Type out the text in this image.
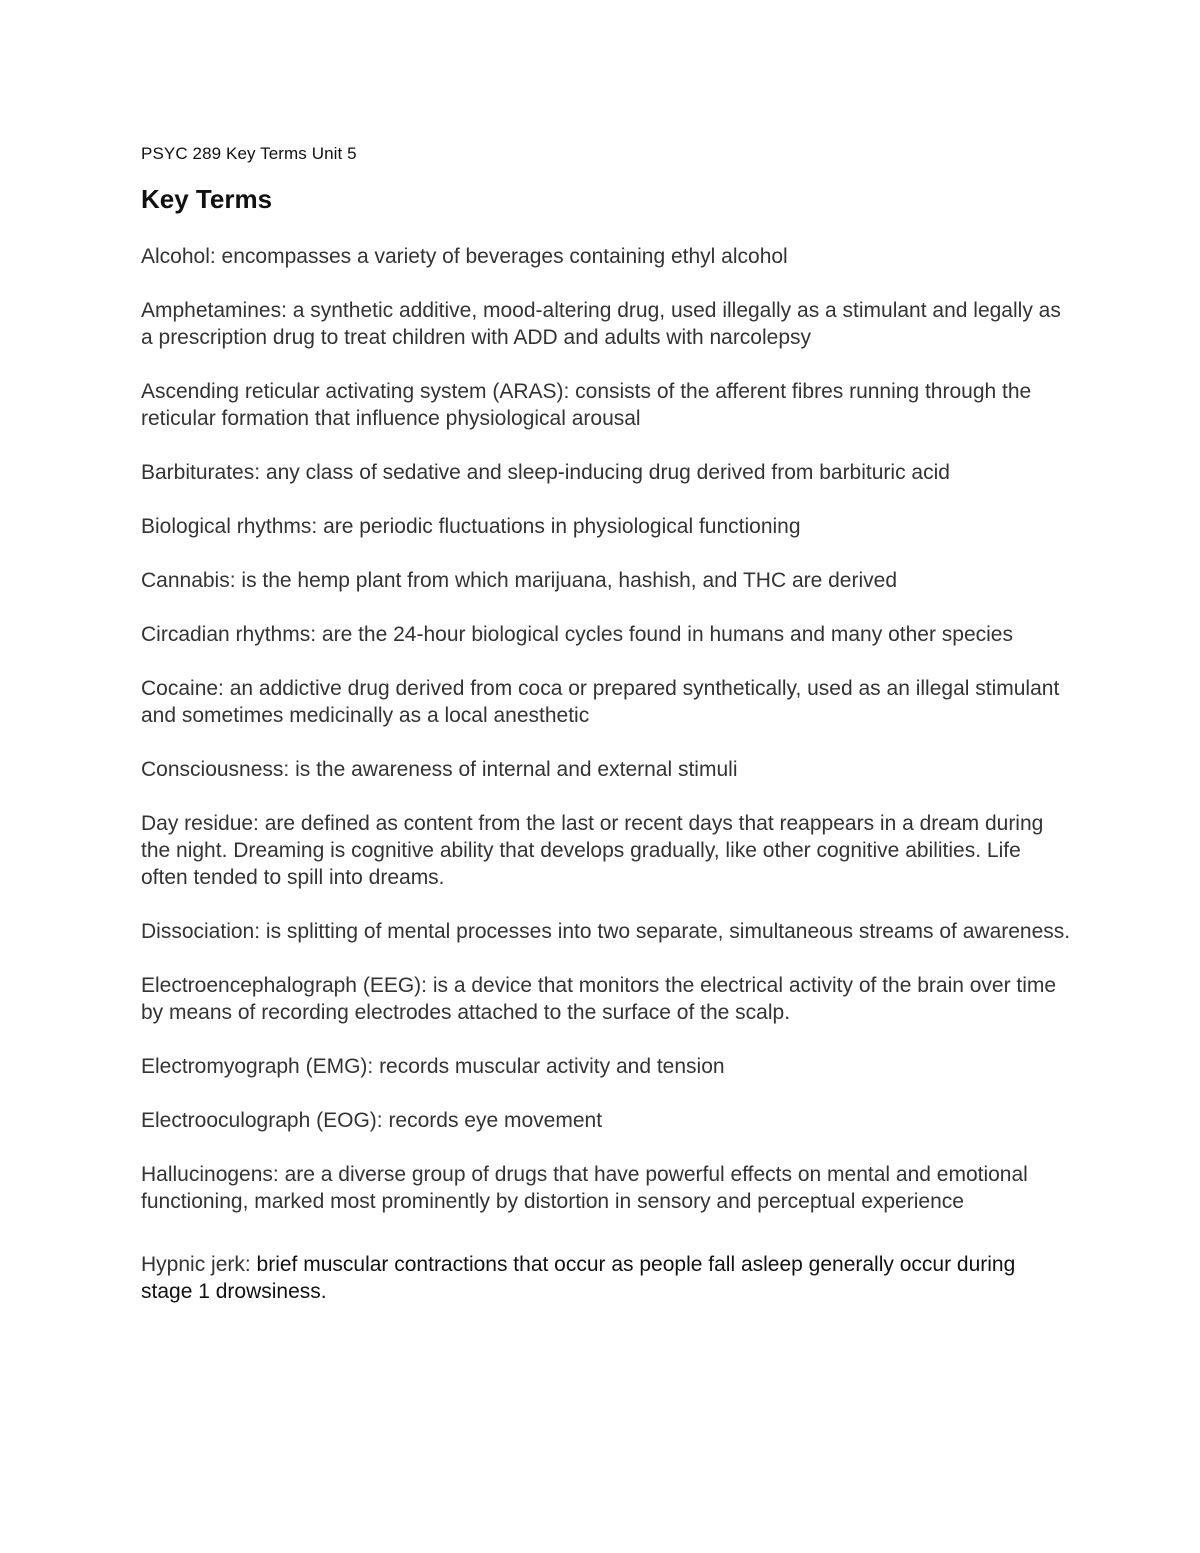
PSYC 289 Key Terms Unit 5
Key Terms
Alcohol: encompasses a variety of beverages containing ethyl alcohol
Amphetamines: a synthetic additive, mood-altering drug, used illegally as a stimulant and legally as a prescription drug to treat children with ADD and adults with narcolepsy
Ascending reticular activating system (ARAS): consists of the afferent fibres running through the reticular formation that influence physiological arousal
Barbiturates: any class of sedative and sleep-inducing drug derived from barbituric acid
Biological rhythms: are periodic fluctuations in physiological functioning
Cannabis: is the hemp plant from which marijuana, hashish, and THC are derived
Circadian rhythms: are the 24-hour biological cycles found in humans and many other species
Cocaine: an addictive drug derived from coca or prepared synthetically, used as an illegal stimulant and sometimes medicinally as a local anesthetic
Consciousness: is the awareness of internal and external stimuli
Day residue: are defined as content from the last or recent days that reappears in a dream during the night. Dreaming is cognitive ability that develops gradually, like other cognitive abilities. Life often tended to spill into dreams.
Dissociation: is splitting of mental processes into two separate, simultaneous streams of awareness.
Electroencephalograph (EEG): is a device that monitors the electrical activity of the brain over time by means of recording electrodes attached to the surface of the scalp.
Electromyograph (EMG): records muscular activity and tension
Electrooculograph (EOG): records eye movement
Hallucinogens: are a diverse group of drugs that have powerful effects on mental and emotional functioning, marked most prominently by distortion in sensory and perceptual experience
Hypnic jerk: brief muscular contractions that occur as people fall asleep generally occur during stage 1 drowsiness.
